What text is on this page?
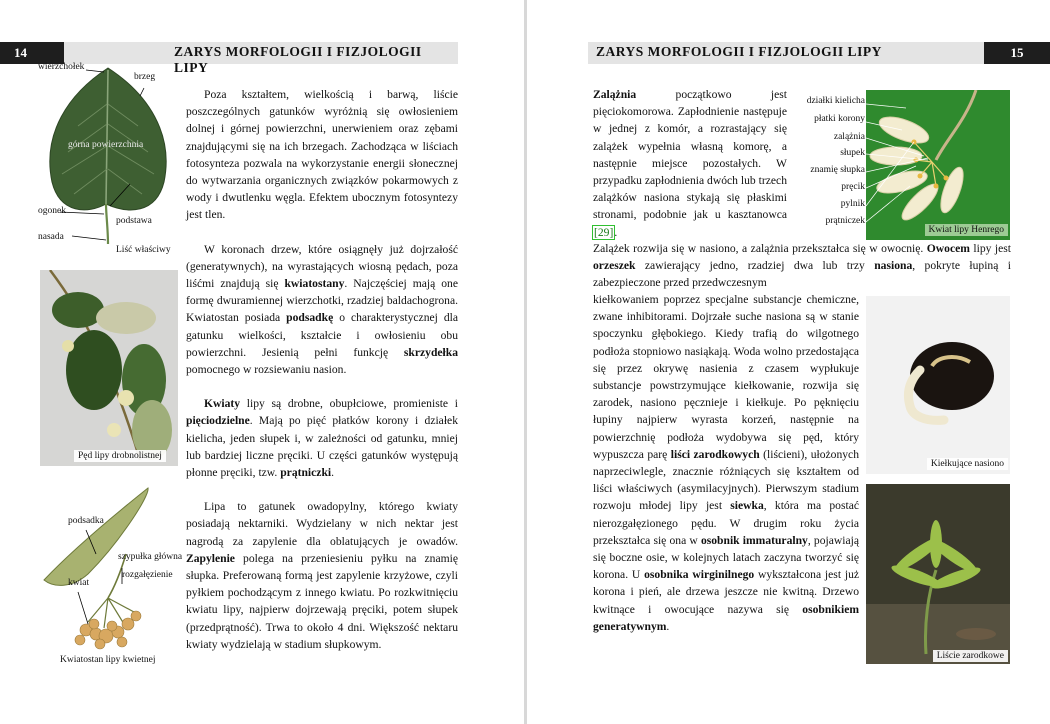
14	ZARYS MORFOLOGII I FIZJOLOGII LIPY
wierzchołek
brzeg
górna powierzchnia
ogonek
podstawa
nasada
Liść właściwy
Pęd lipy drobnolistnej
podsadka
szypułka główna
rozgałęzienie
kwiat
Kwiatostan lipy kwietnej

Poza kształtem, wielkością i barwą, liście poszczególnych gatunków wyróżnią się owłosieniem dolnej i górnej powierzchni, unerwieniem oraz zębami znajdującymi się na ich brzegach. Zachodząca w liściach fotosynteza pozwala na wykorzystanie energii słonecznej do wytwarzania organicznych związków pokarmowych z wody i dwutlenku węgla. Efektem ubocznym fotosyntezy jest tlen.

W koronach drzew, które osiągnęły już dojrzałość (generatywnych), na wyrastających wiosną pędach, poza liśćmi znajdują się kwiatostany. Najczęściej mają one formę dwuramiennej wierzchotki, rzadziej baldachogrona. Kwiatostan posiada podsadkę o charakterystycznej dla gatunku wielkości, kształcie i owłosieniu obu powierzchni. Jesienią pełni funkcję skrzydełka pomocnego w rozsiewaniu nasion.

Kwiaty lipy są drobne, obupłciowe, promieniste i pięciodzielne. Mają po pięć płatków korony i działek kielicha, jeden słupek i, w zależności od gatunku, mniej lub bardziej liczne pręciki. U części gatunków występują płonne pręciki, tzw. prątniczki.

Lipa to gatunek owadopylny, którego kwiaty posiadają nektarniki. Wydzielany w nich nektar jest nagrodą za zapylenie dla oblatujących je owadów. Zapylenie polega na przeniesieniu pyłku na znamię słupka. Preferowaną formą jest zapylenie krzyżowe, czyli pyłkiem pochodzącym z innego kwiatu. Po rozkwitnięciu kwiatu lipy, najpierw dojrzewają pręciki, potem słupek (przedprątność). Trwa to około 4 dni. Większość nektaru kwiaty wydzielają w stadium słupkowym.

ZARYS MORFOLOGII I FIZJOLOGII LIPY	15
działki kielicha
płatki korony
zalążnia
słupek
znamię słupka
pręcik
pylnik
prątniczek
Kwiat lipy Henrego
Kiełkujące nasiono
Liście zarodkowe

Zalążnia początkowo jest pięciokomorowa. Zapłodnienie następuje w jednej z komór, a rozrastający się zalążek wypełnia własną komorę, a następnie miejsce pozostałych. W przypadku zapłodnienia dwóch lub trzech zalążków nasiona stykają się płaskimi stronami, podobnie jak u kasztanowca [29].

Zalążek rozwija się w nasiono, a zalążnia przekształca się w owocnię. Owocem lipy jest orzeszek zawierający jedno, rzadziej dwa lub trzy nasiona, pokryte łupiną i zabezpieczone przed przedwczesnym

kiełkowaniem poprzez specjalne substancje chemiczne, zwane inhibitorami. Dojrzałe suche nasiona są w stanie spoczynku głębokiego. Kiedy trafią do wilgotnego podłoża stopniowo nasiąkają. Woda wolno przedostająca się przez okrywę nasienia z czasem wypłukuje substancje powstrzymujące kiełkowanie, rozwija się zarodek, nasiono pęcznieje i kiełkuje. Po pęknięciu łupiny najpierw wyrasta korzeń, następnie na powierzchnię podłoża wydobywa się pęd, który wypuszcza parę liści zarodkowych (liścieni), ułożonych naprzeciwlegle, znacznie różniących się kształtem od liści właściwych (asymilacyjnych). Pierwszym stadium rozwoju młodej lipy jest siewka, która ma postać nierozgałęzionego pędu. W drugim roku życia przekształca się ona w osobnik immaturalny, pojawiają się boczne osie, w kolejnych latach zaczyna tworzyć się korona. U osobnika wirginilnego wykształcona jest już korona i pień, ale drzewa jeszcze nie kwitną. Drzewo kwitnące i owocujące nazywa się osobnikiem generatywnym.
